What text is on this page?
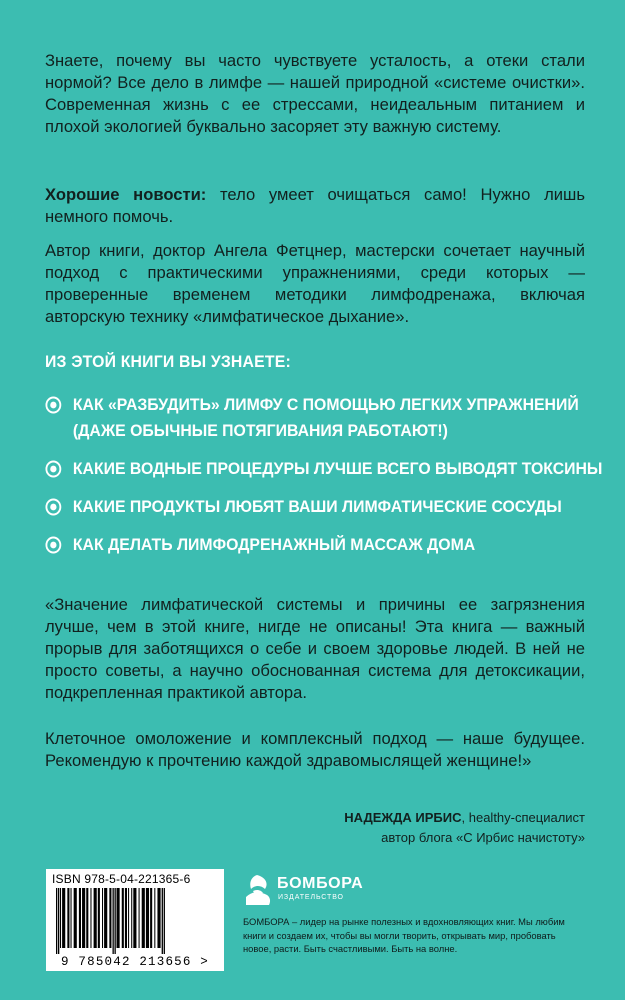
Знаете, почему вы часто чувствуете усталость, а отеки стали нормой? Все дело в лимфе — нашей природной «системе очистки». Современная жизнь с ее стрессами, неидеальным питанием и плохой экологией буквально засоряет эту важную систему.

Хорошие новости: тело умеет очищаться само! Нужно лишь немного помочь.

Автор книги, доктор Ангела Фетцнер, мастерски сочетает научный подход с практическими упражнениями, среди которых — проверенные временем методики лимфодренажа, включая авторскую технику «лимфатическое дыхание».

ИЗ ЭТОЙ КНИГИ ВЫ УЗНАЕТЕ:
КАК «РАЗБУДИТЬ» ЛИМФУ С ПОМОЩЬЮ ЛЕГКИХ УПРАЖНЕНИЙ
(ДАЖЕ ОБЫЧНЫЕ ПОТЯГИВАНИЯ РАБОТАЮТ!)
КАКИЕ ВОДНЫЕ ПРОЦЕДУРЫ ЛУЧШЕ ВСЕГО ВЫВОДЯТ ТОКСИНЫ
КАКИЕ ПРОДУКТЫ ЛЮБЯТ ВАШИ ЛИМФАТИЧЕСКИЕ СОСУДЫ
КАК ДЕЛАТЬ ЛИМФОДРЕНАЖНЫЙ МАССАЖ ДОМА

«Значение лимфатической системы и причины ее загрязнения лучше, чем в этой книге, нигде не описаны! Эта книга — важный прорыв для заботящихся о себе и своем здоровье людей. В ней не просто советы, а научно обоснованная система для детоксикации, подкрепленная практикой автора.

Клеточное омоложение и комплексный подход — наше будущее. Рекомендую к прочтению каждой здравомыслящей женщине!»

НАДЕЖДА ИРБИС, healthy-специалист
автор блога «С Ирбис начистоту»
ISBN 978-5-04-221365-6
9 785042 213656 >
БОМБОРА
ИЗДАТЕЛЬСТВО

БОМБОРА – лидер на рынке полезных и вдохновляющих книг. Мы любим книги и создаем их, чтобы вы могли творить, открывать мир, пробовать новое, расти. Быть счастливыми. Быть на волне.
